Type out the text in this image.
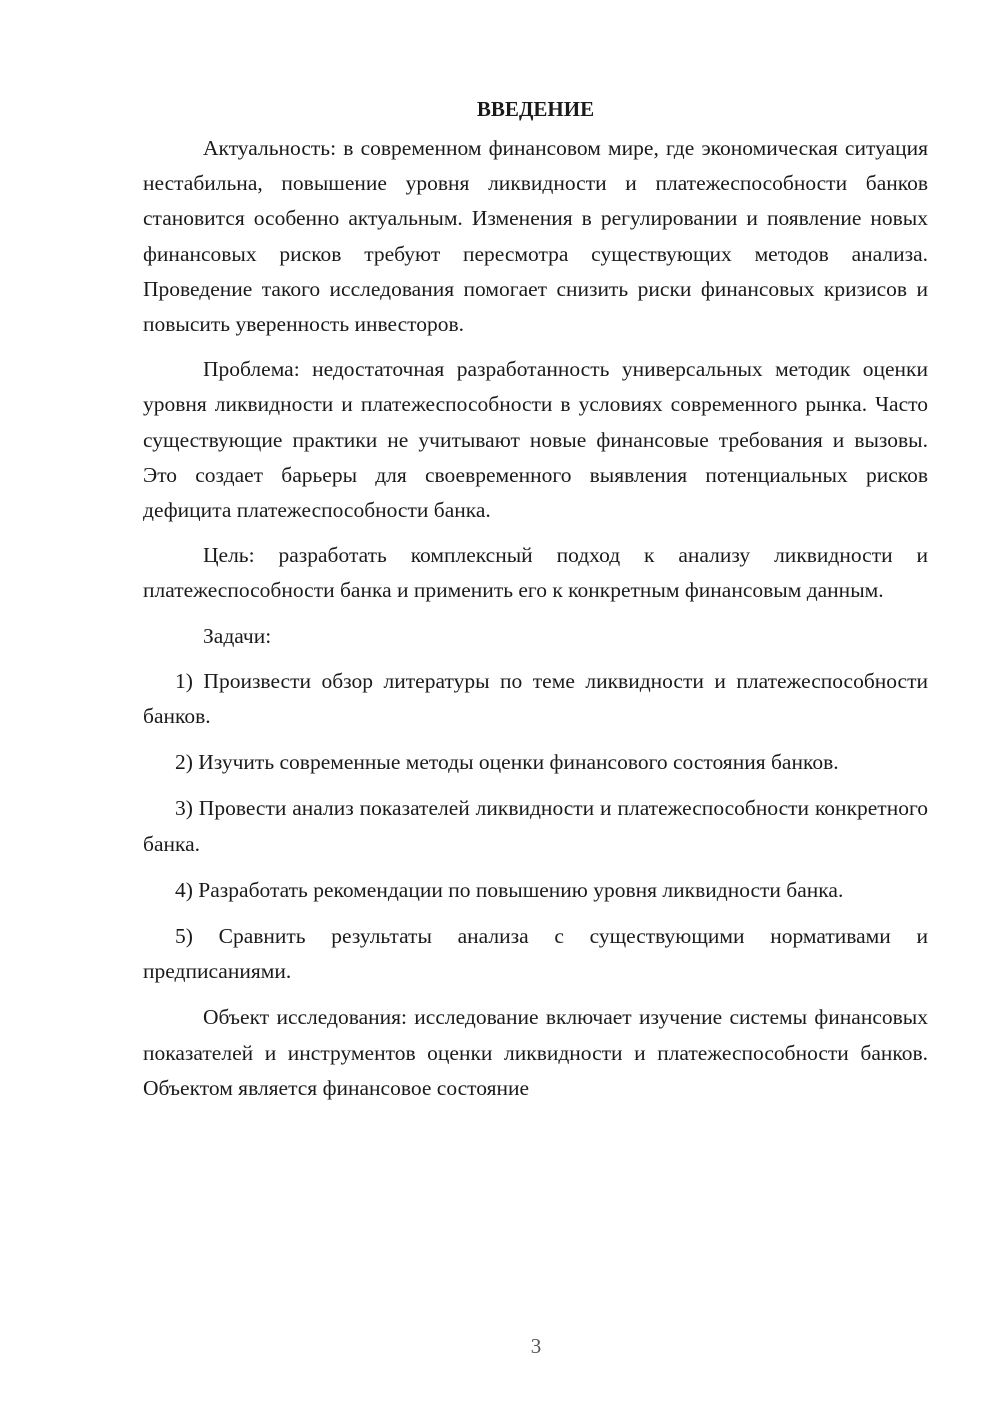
ВВЕДЕНИЕ

Актуальность: в современном финансовом мире, где экономическая ситуация нестабильна, повышение уровня ликвидности и платежеспособности банков становится особенно актуальным. Изменения в регулировании и появление новых финансовых рисков требуют пересмотра существующих методов анализа. Проведение такого исследования помогает снизить риски финансовых кризисов и повысить уверенность инвесторов.

Проблема: недостаточная разработанность универсальных методик оценки уровня ликвидности и платежеспособности в условиях современного рынка. Часто существующие практики не учитывают новые финансовые требования и вызовы. Это создает барьеры для своевременного выявления потенциальных рисков дефицита платежеспособности банка.

Цель: разработать комплексный подход к анализу ликвидности и платежеспособности банка и применить его к конкретным финансовым данным.

Задачи:

1) Произвести обзор литературы по теме ликвидности и платежеспособности банков.

2) Изучить современные методы оценки финансового состояния банков.

3) Провести анализ показателей ликвидности и платежеспособности конкретного банка.

4) Разработать рекомендации по повышению уровня ликвидности банка.

5) Сравнить результаты анализа с существующими нормативами и предписаниями.

Объект исследования: исследование включает изучение системы финансовых показателей и инструментов оценки ликвидности и платежеспособности банков. Объектом является финансовое состояние

3
